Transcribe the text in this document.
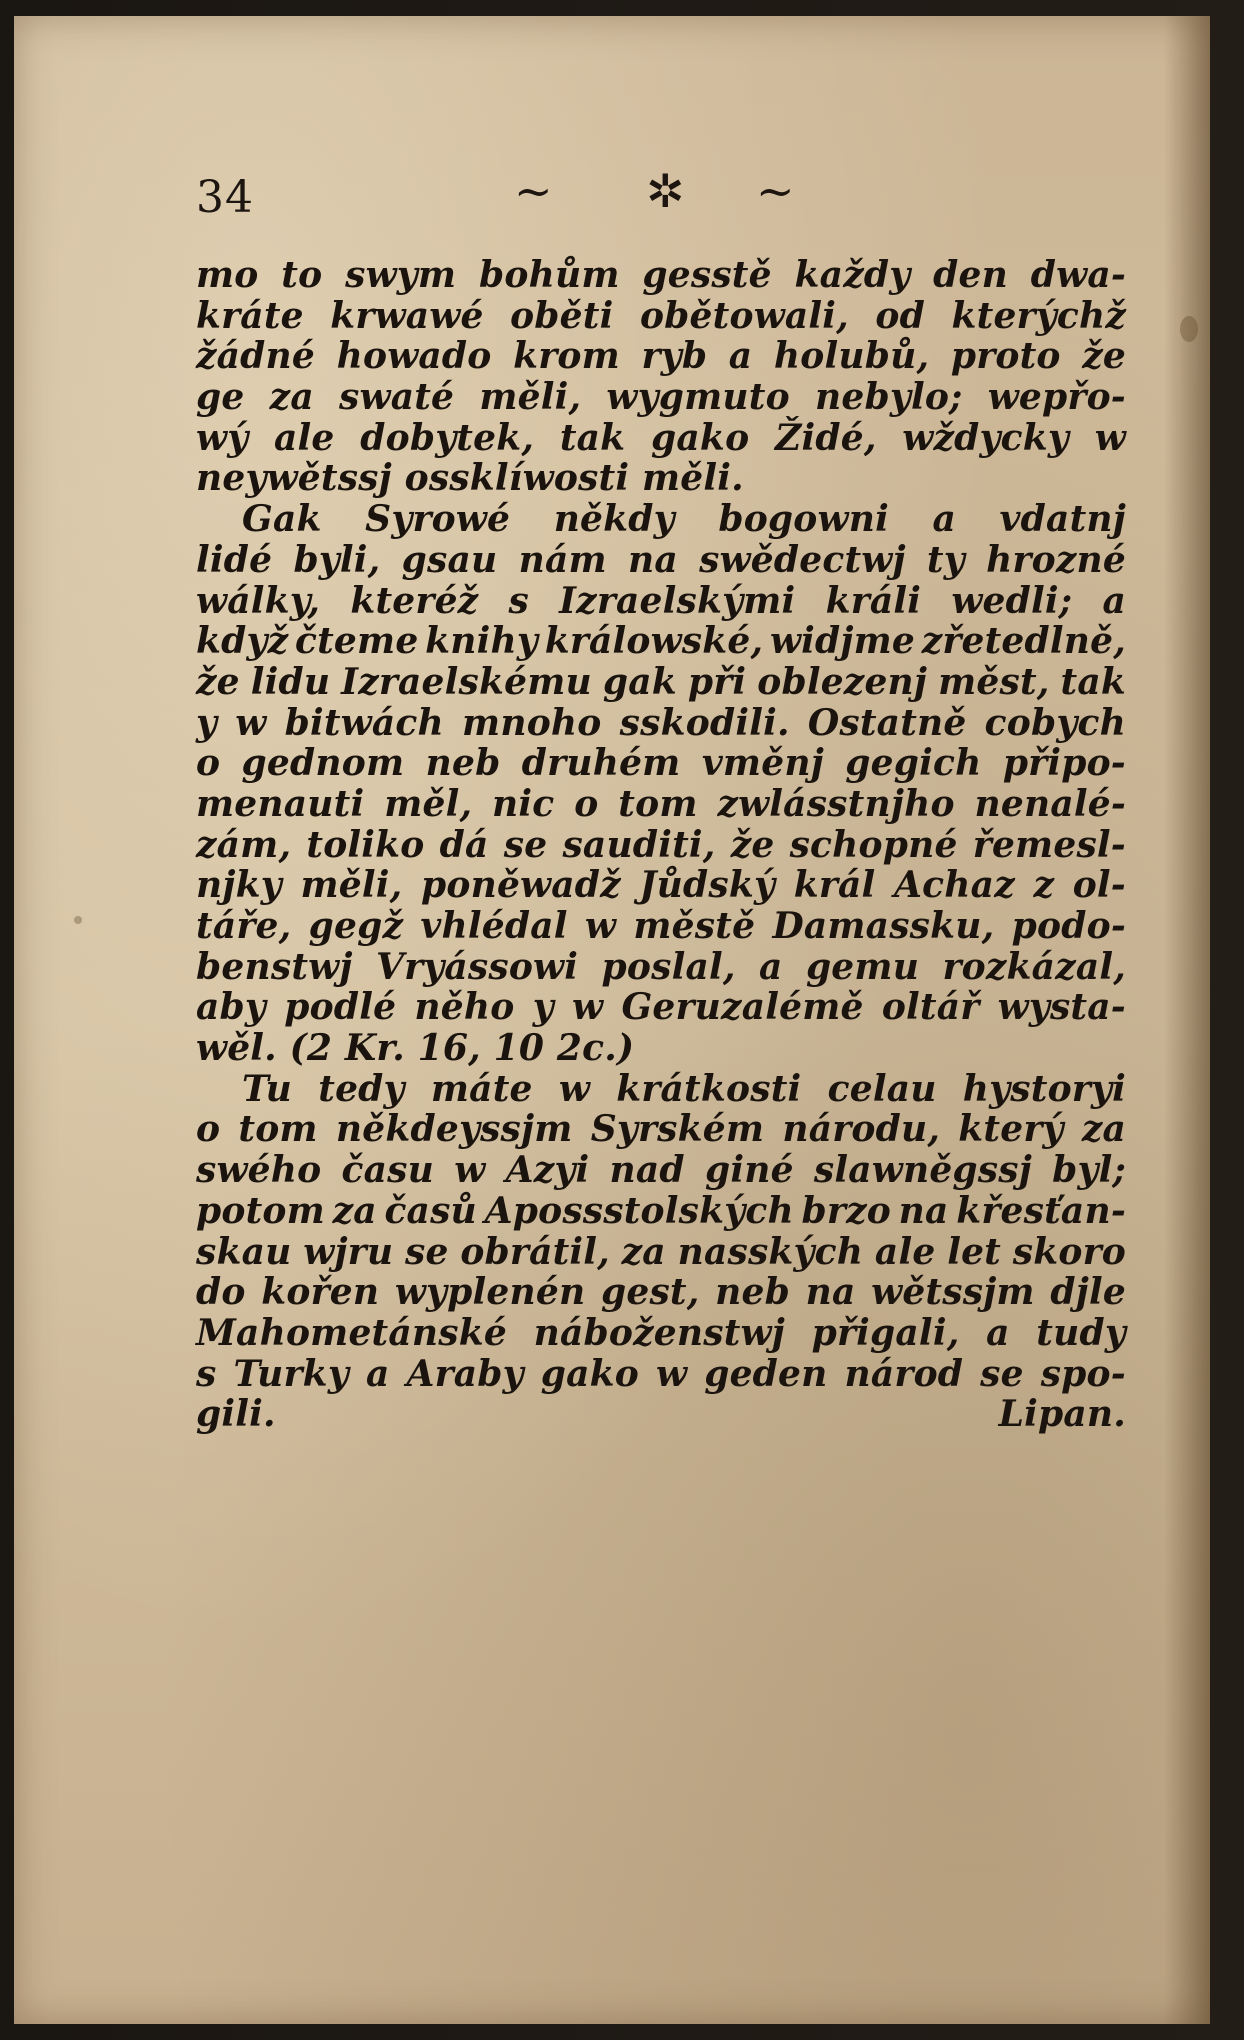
34	~ ✲ ~
mo to swym bohům gesstě každy den dwa-
kráte krwawé oběti obětowali, od kterýchž
žádné howado krom ryb a holubů, proto že
ge za swaté měli, wygmuto nebylo; wepřo-
wý ale dobytek, tak gako Židé, wždycky w
neywětssj ossklíwosti měli.
Gak Syrowé někdy bogowni a vdatnj
lidé byli, gsau nám na swědectwj ty hrozné
wálky, kteréž s Izraelskými králi wedli; a
když čteme knihy králowské, widjme zřetedlně,
že lidu Izraelskému gak při oblezenj měst, tak
y w bitwách mnoho sskodili. Ostatně cobych
o gednom neb druhém vměnj gegich připo-
menauti měl, nic o tom zwlásstnjho nenalé-
zám, toliko dá se sauditi, že schopné řemesl-
njky měli, poněwadž Jůdský král Achaz z ol-
táře, gegž vhlédal w městě Damassku, podo-
benstwj Vryássowi poslal, a gemu rozkázal,
aby podlé něho y w Geruzalémě oltář wysta-
wěl. (2 Kr. 16, 10 2c.)
Tu tedy máte w krátkosti celau hystoryi
o tom někdeyssjm Syrském národu, který za
swého času w Azyi nad giné slawněgssj byl;
potom za časů Apossstolských brzo na křesťan-
skau wjru se obrátil, za nasských ale let skoro
do kořen wyplenén gest, neb na wětssjm djle
Mahometánské náboženstwj přigali, a tudy
s Turky a Araby gako w geden národ se spo-
gili.	Lipan.
